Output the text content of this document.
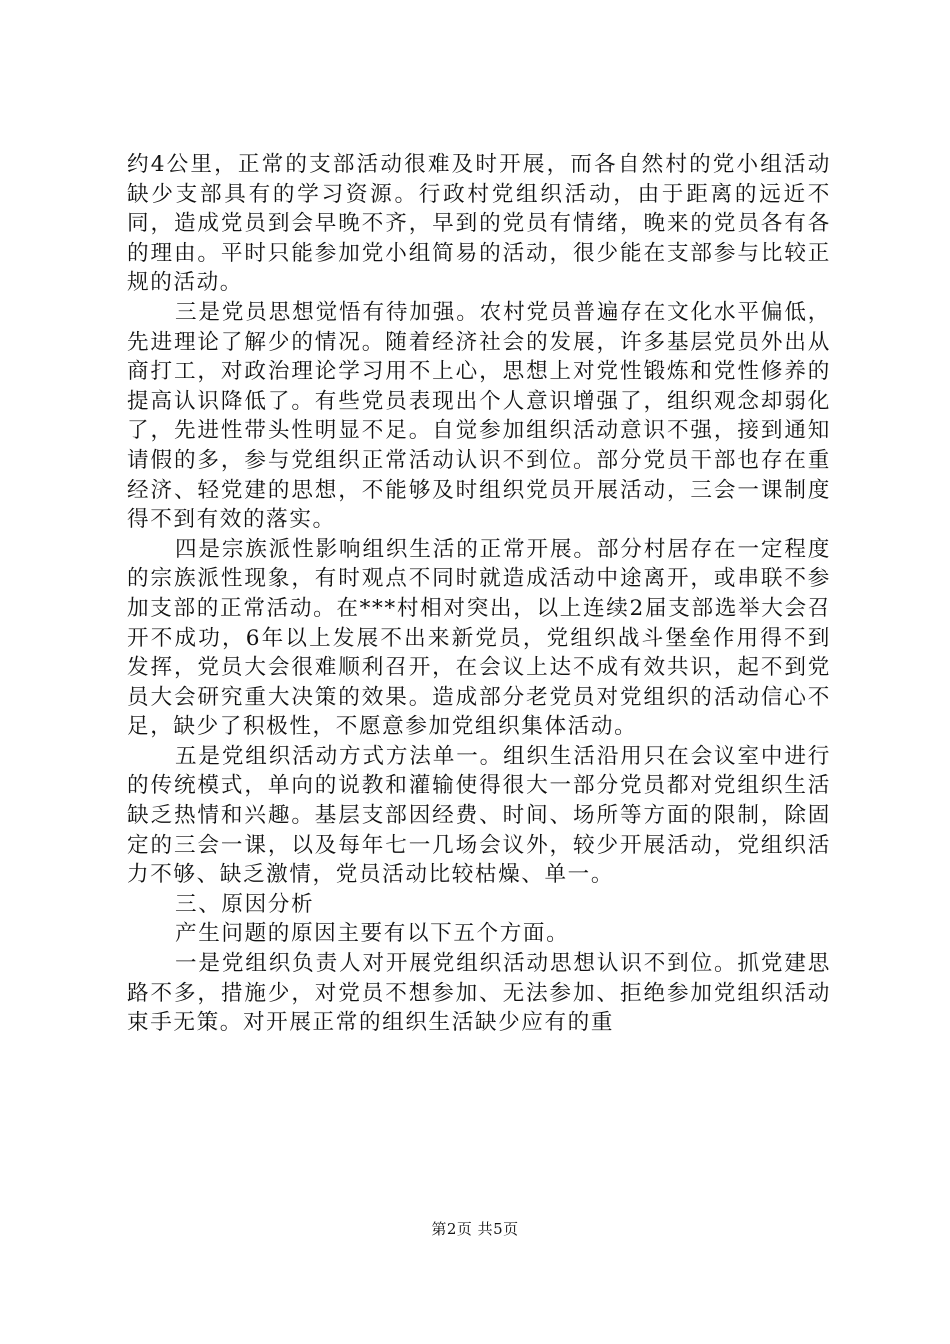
约4公里，正常的支部活动很难及时开展，而各自然村的党小组活动缺少支部具有的学习资源。行政村党组织活动，由于距离的远近不同，造成党员到会早晚不齐，早到的党员有情绪，晚来的党员各有各的理由。平时只能参加党小组简易的活动，很少能在支部参与比较正规的活动。

三是党员思想觉悟有待加强。农村党员普遍存在文化水平偏低，先进理论了解少的情况。随着经济社会的发展，许多基层党员外出从商打工，对政治理论学习用不上心，思想上对党性锻炼和党性修养的提高认识降低了。有些党员表现出个人意识增强了，组织观念却弱化了，先进性带头性明显不足。自觉参加组织活动意识不强，接到通知请假的多，参与党组织正常活动认识不到位。部分党员干部也存在重经济、轻党建的思想，不能够及时组织党员开展活动，三会一课制度得不到有效的落实。

四是宗族派性影响组织生活的正常开展。部分村居存在一定程度的宗族派性现象，有时观点不同时就造成活动中途离开，或串联不参加支部的正常活动。在***村相对突出，以上连续2届支部选举大会召开不成功，6年以上发展不出来新党员，党组织战斗堡垒作用得不到发挥，党员大会很难顺利召开，在会议上达不成有效共识，起不到党员大会研究重大决策的效果。造成部分老党员对党组织的活动信心不足，缺少了积极性，不愿意参加党组织集体活动。

五是党组织活动方式方法单一。组织生活沿用只在会议室中进行的传统模式，单向的说教和灌输使得很大一部分党员都对党组织生活缺乏热情和兴趣。基层支部因经费、时间、场所等方面的限制，除固定的三会一课，以及每年七一几场会议外，较少开展活动，党组织活力不够、缺乏激情，党员活动比较枯燥、单一。

三、原因分析

产生问题的原因主要有以下五个方面。

一是党组织负责人对开展党组织活动思想认识不到位。抓党建思路不多，措施少，对党员不想参加、无法参加、拒绝参加党组织活动束手无策。对开展正常的组织生活缺少应有的重

第2页 共5页
